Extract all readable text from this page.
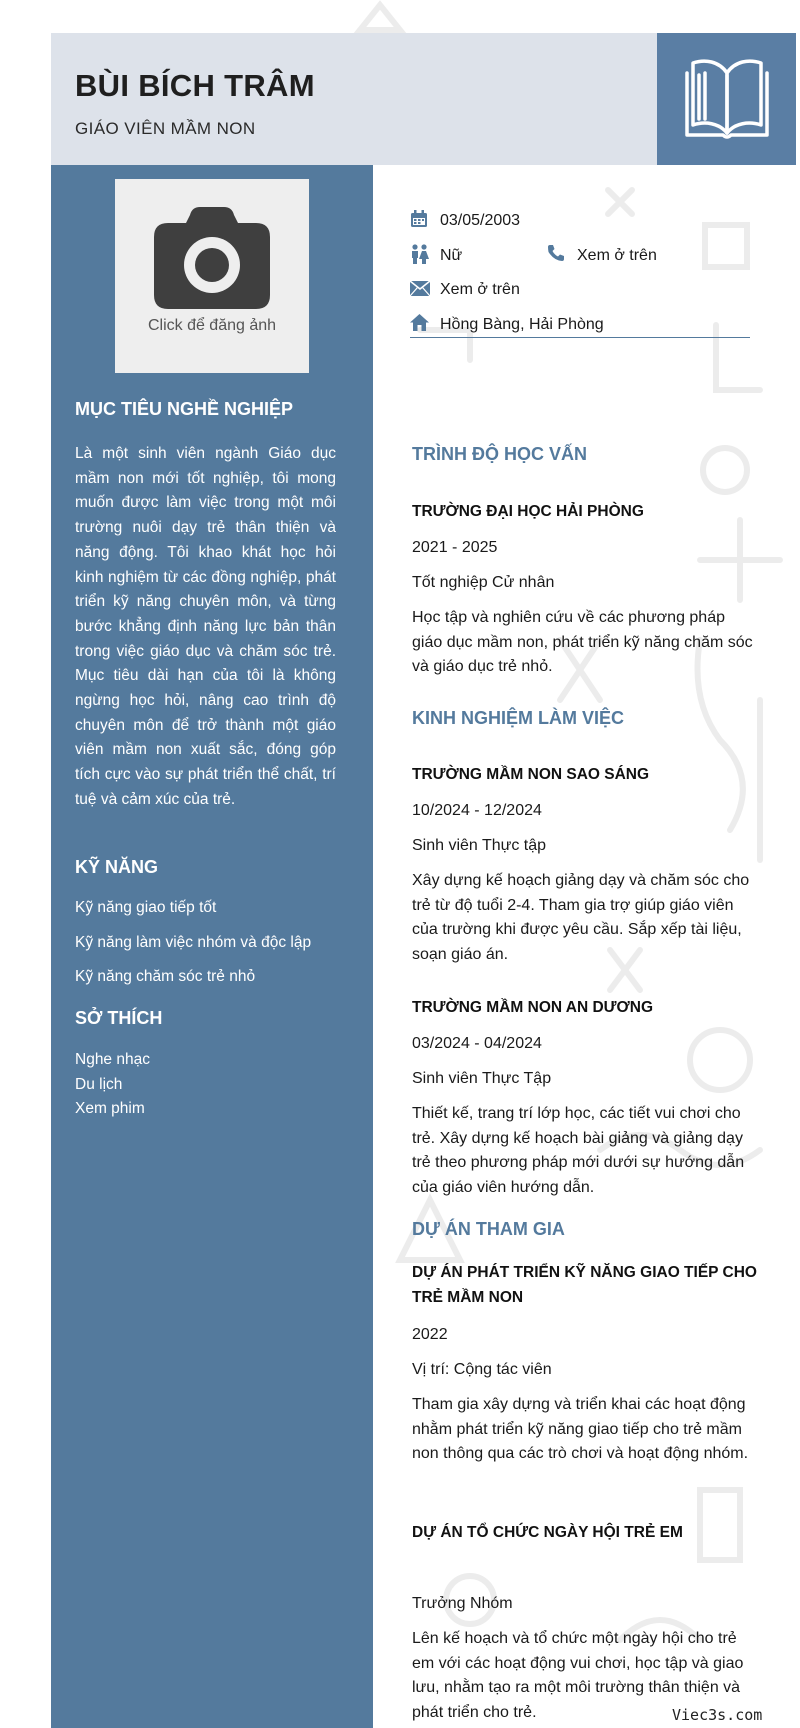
BÙI BÍCH TRÂM
GIÁO VIÊN MẦM NON
Click để đăng ảnh
MỤC TIÊU NGHỀ NGHIỆP

Là một sinh viên ngành Giáo dục mầm non mới tốt nghiệp, tôi mong muốn được làm việc trong một môi trường nuôi dạy trẻ thân thiện và năng động. Tôi khao khát học hỏi kinh nghiệm từ các đồng nghiệp, phát triển kỹ năng chuyên môn, và từng bước khẳng định năng lực bản thân trong việc giáo dục và chăm sóc trẻ. Mục tiêu dài hạn của tôi là không ngừng học hỏi, nâng cao trình độ chuyên môn để trở thành một giáo viên mầm non xuất sắc, đóng góp tích cực vào sự phát triển thể chất, trí tuệ và cảm xúc của trẻ.

KỸ NĂNG
Kỹ năng giao tiếp tốt
Kỹ năng làm việc nhóm và độc lập
Kỹ năng chăm sóc trẻ nhỏ
SỞ THÍCH
Nghe nhạc
Du lịch
Xem phim
03/05/2003
Nữ	Xem ở trên
Xem ở trên
Hồng Bàng, Hải Phòng
TRÌNH ĐỘ HỌC VẤN
TRƯỜNG ĐẠI HỌC HẢI PHÒNG
2021 - 2025
Tốt nghiệp Cử nhân

Học tập và nghiên cứu về các phương pháp giáo dục mầm non, phát triển kỹ năng chăm sóc và giáo dục trẻ nhỏ.

KINH NGHIỆM LÀM VIỆC
TRƯỜNG MẦM NON SAO SÁNG
10/2024 - 12/2024
Sinh viên Thực tập

Xây dựng kế hoạch giảng dạy và chăm sóc cho trẻ từ độ tuổi 2-4. Tham gia trợ giúp giáo viên của trường khi được yêu cầu. Sắp xếp tài liệu, soạn giáo án.

TRƯỜNG MẦM NON AN DƯƠNG
03/2024 - 04/2024
Sinh viên Thực Tập

Thiết kế, trang trí lớp học, các tiết vui chơi cho trẻ. Xây dựng kế hoạch bài giảng và giảng dạy trẻ theo phương pháp mới dưới sự hướng dẫn của giáo viên hướng dẫn.

DỰ ÁN THAM GIA
DỰ ÁN PHÁT TRIỂN KỸ NĂNG GIAO TIẾP CHO TRẺ MẦM NON
2022
Vị trí: Cộng tác viên

Tham gia xây dựng và triển khai các hoạt động nhằm phát triển kỹ năng giao tiếp cho trẻ mầm non thông qua các trò chơi và hoạt động nhóm.

DỰ ÁN TỔ CHỨC NGÀY HỘI TRẺ EM
Trưởng Nhóm

Lên kế hoạch và tổ chức một ngày hội cho trẻ em với các hoạt động vui chơi, học tập và giao lưu, nhằm tạo ra một môi trường thân thiện và phát triển cho trẻ.	Viec3s.com
